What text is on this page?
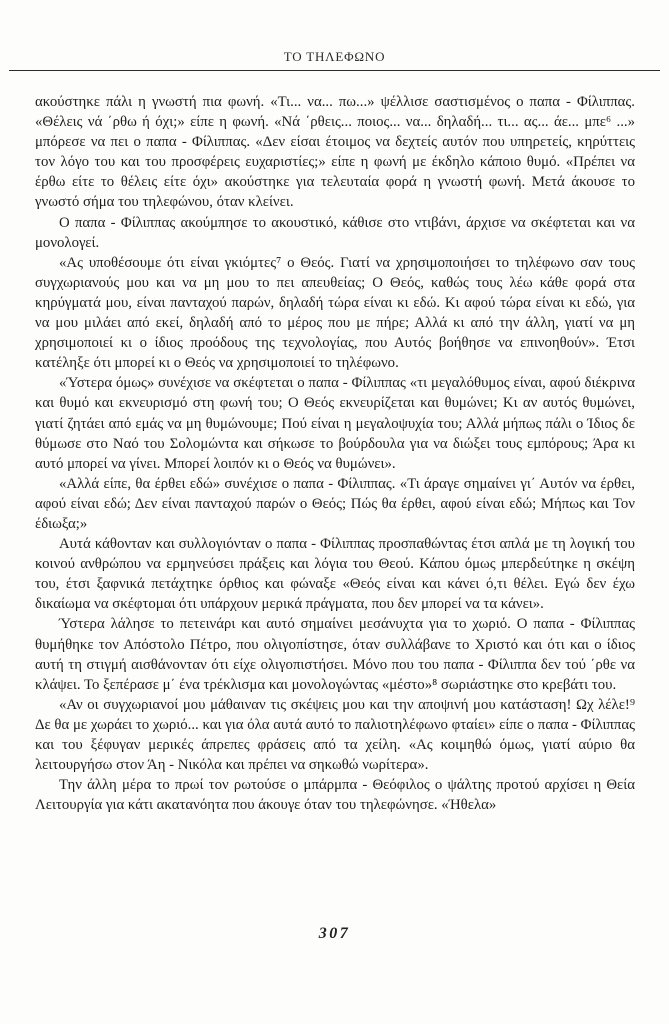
ΤΟ ΤΗΛΕΦΩΝΟ

ακούστηκε πάλι η γνωστή πια φωνή. «Τι... να... πω...» ψέλλισε σαστισμένος ο παπα - Φίλιππας. «Θέλεις νά ΄ρθω ή όχι;» είπε η φωνή. «Νά ΄ρθεις... ποιος... να... δηλαδή... τι... ας... άε... μπε⁶ ...» μπόρεσε να πει ο παπα - Φίλιππας. «Δεν είσαι έτοιμος να δεχτείς αυτόν που υπηρετείς, κηρύττεις τον λόγο του και του προσφέρεις ευχαριστίες;» είπε η φωνή με έκδηλο κάποιο θυμό. «Πρέπει να έρθω είτε το θέλεις είτε όχι» ακούστηκε για τελευταία φορά η γνωστή φωνή. Μετά άκουσε το γνωστό σήμα του τηλεφώνου, όταν κλείνει.

Ο παπα - Φίλιππας ακούμπησε το ακουστικό, κάθισε στο ντιβάνι, άρχισε να σκέφτεται και να μονολογεί.

«Ας υποθέσουμε ότι είναι γκιόμτες⁷ ο Θεός. Γιατί να χρησιμοποιήσει το τηλέφωνο σαν τους συγχωριανούς μου και να μη μου το πει απευθείας; Ο Θεός, καθώς τους λέω κάθε φορά στα κηρύγματά μου, είναι πανταχού παρών, δηλαδή τώρα είναι κι εδώ. Κι αφού τώρα είναι κι εδώ, για να μου μιλάει από εκεί, δηλαδή από το μέρος που με πήρε; Αλλά κι από την άλλη, γιατί να μη χρησιμοποιεί κι ο ίδιος προόδους της τεχνολογίας, που Αυτός βοήθησε να επινοηθούν». Έτσι κατέληξε ότι μπορεί κι ο Θεός να χρησιμοποιεί το τηλέφωνο.

«Ύστερα όμως» συνέχισε να σκέφτεται ο παπα - Φίλιππας «τι μεγαλόθυμος είναι, αφού διέκρινα και θυμό και εκνευρισμό στη φωνή του; Ο Θεός εκνευρίζεται και θυμώνει; Κι αν αυτός θυμώνει, γιατί ζητάει από εμάς να μη θυμώνουμε; Πού είναι η μεγαλοψυχία του; Αλλά μήπως πάλι ο Ίδιος δε θύμωσε στο Ναό του Σολομώντα και σήκωσε το βούρδουλα για να διώξει τους εμπόρους; Άρα κι αυτό μπορεί να γίνει. Μπορεί λοιπόν κι ο Θεός να θυμώνει».

«Αλλά είπε, θα έρθει εδώ» συνέχισε ο παπα - Φίλιππας. «Τι άραγε σημαίνει γι΄ Αυτόν να έρθει, αφού είναι εδώ; Δεν είναι πανταχού παρών ο Θεός; Πώς θα έρθει, αφού είναι εδώ; Μήπως και Τον έδιωξα;»

Αυτά κάθονταν και συλλογιόνταν ο παπα - Φίλιππας προσπαθώντας έτσι απλά με τη λογική του κοινού ανθρώπου να ερμηνεύσει πράξεις και λόγια του Θεού. Κάπου όμως μπερδεύτηκε η σκέψη του, έτσι ξαφνικά πετάχτηκε όρθιος και φώναξε «Θεός είναι και κάνει ό,τι θέλει. Εγώ δεν έχω δικαίωμα να σκέφτομαι ότι υπάρχουν μερικά πράγματα, που δεν μπορεί να τα κάνει».

Ύστερα λάλησε το πετεινάρι και αυτό σημαίνει μεσάνυχτα για το χωριό. Ο παπα - Φίλιππας θυμήθηκε τον Απόστολο Πέτρο, που ολιγοπίστησε, όταν συλλάβανε το Χριστό και ότι και ο ίδιος αυτή τη στιγμή αισθάνονταν ότι είχε ολιγοπιστήσει. Μόνο που του παπα - Φίλιππα δεν τού ΄ρθε να κλάψει. Το ξεπέρασε μ΄ ένα τρέκλισμα και μονολογώντας «μέστο»⁸ σωριάστηκε στο κρεβάτι του.

«Αν οι συγχωριανοί μου μάθαιναν τις σκέψεις μου και την αποψινή μου κατάσταση! Ωχ λέλε!⁹ Δε θα με χωράει το χωριό... και για όλα αυτά αυτό το παλιοτηλέφωνο φταίει» είπε ο παπα - Φίλιππας και του ξέφυγαν μερικές άπρεπες φράσεις από τα χείλη. «Ας κοιμηθώ όμως, γιατί αύριο θα λειτουργήσω στον Άη - Νικόλα και πρέπει να σηκωθώ νωρίτερα».

Την άλλη μέρα το πρωί τον ρωτούσε ο μπάρμπα - Θεόφιλος ο ψάλτης προτού αρχίσει η Θεία Λειτουργία για κάτι ακατανόητα που άκουγε όταν του τηλεφώνησε. «Ήθελα»

307
